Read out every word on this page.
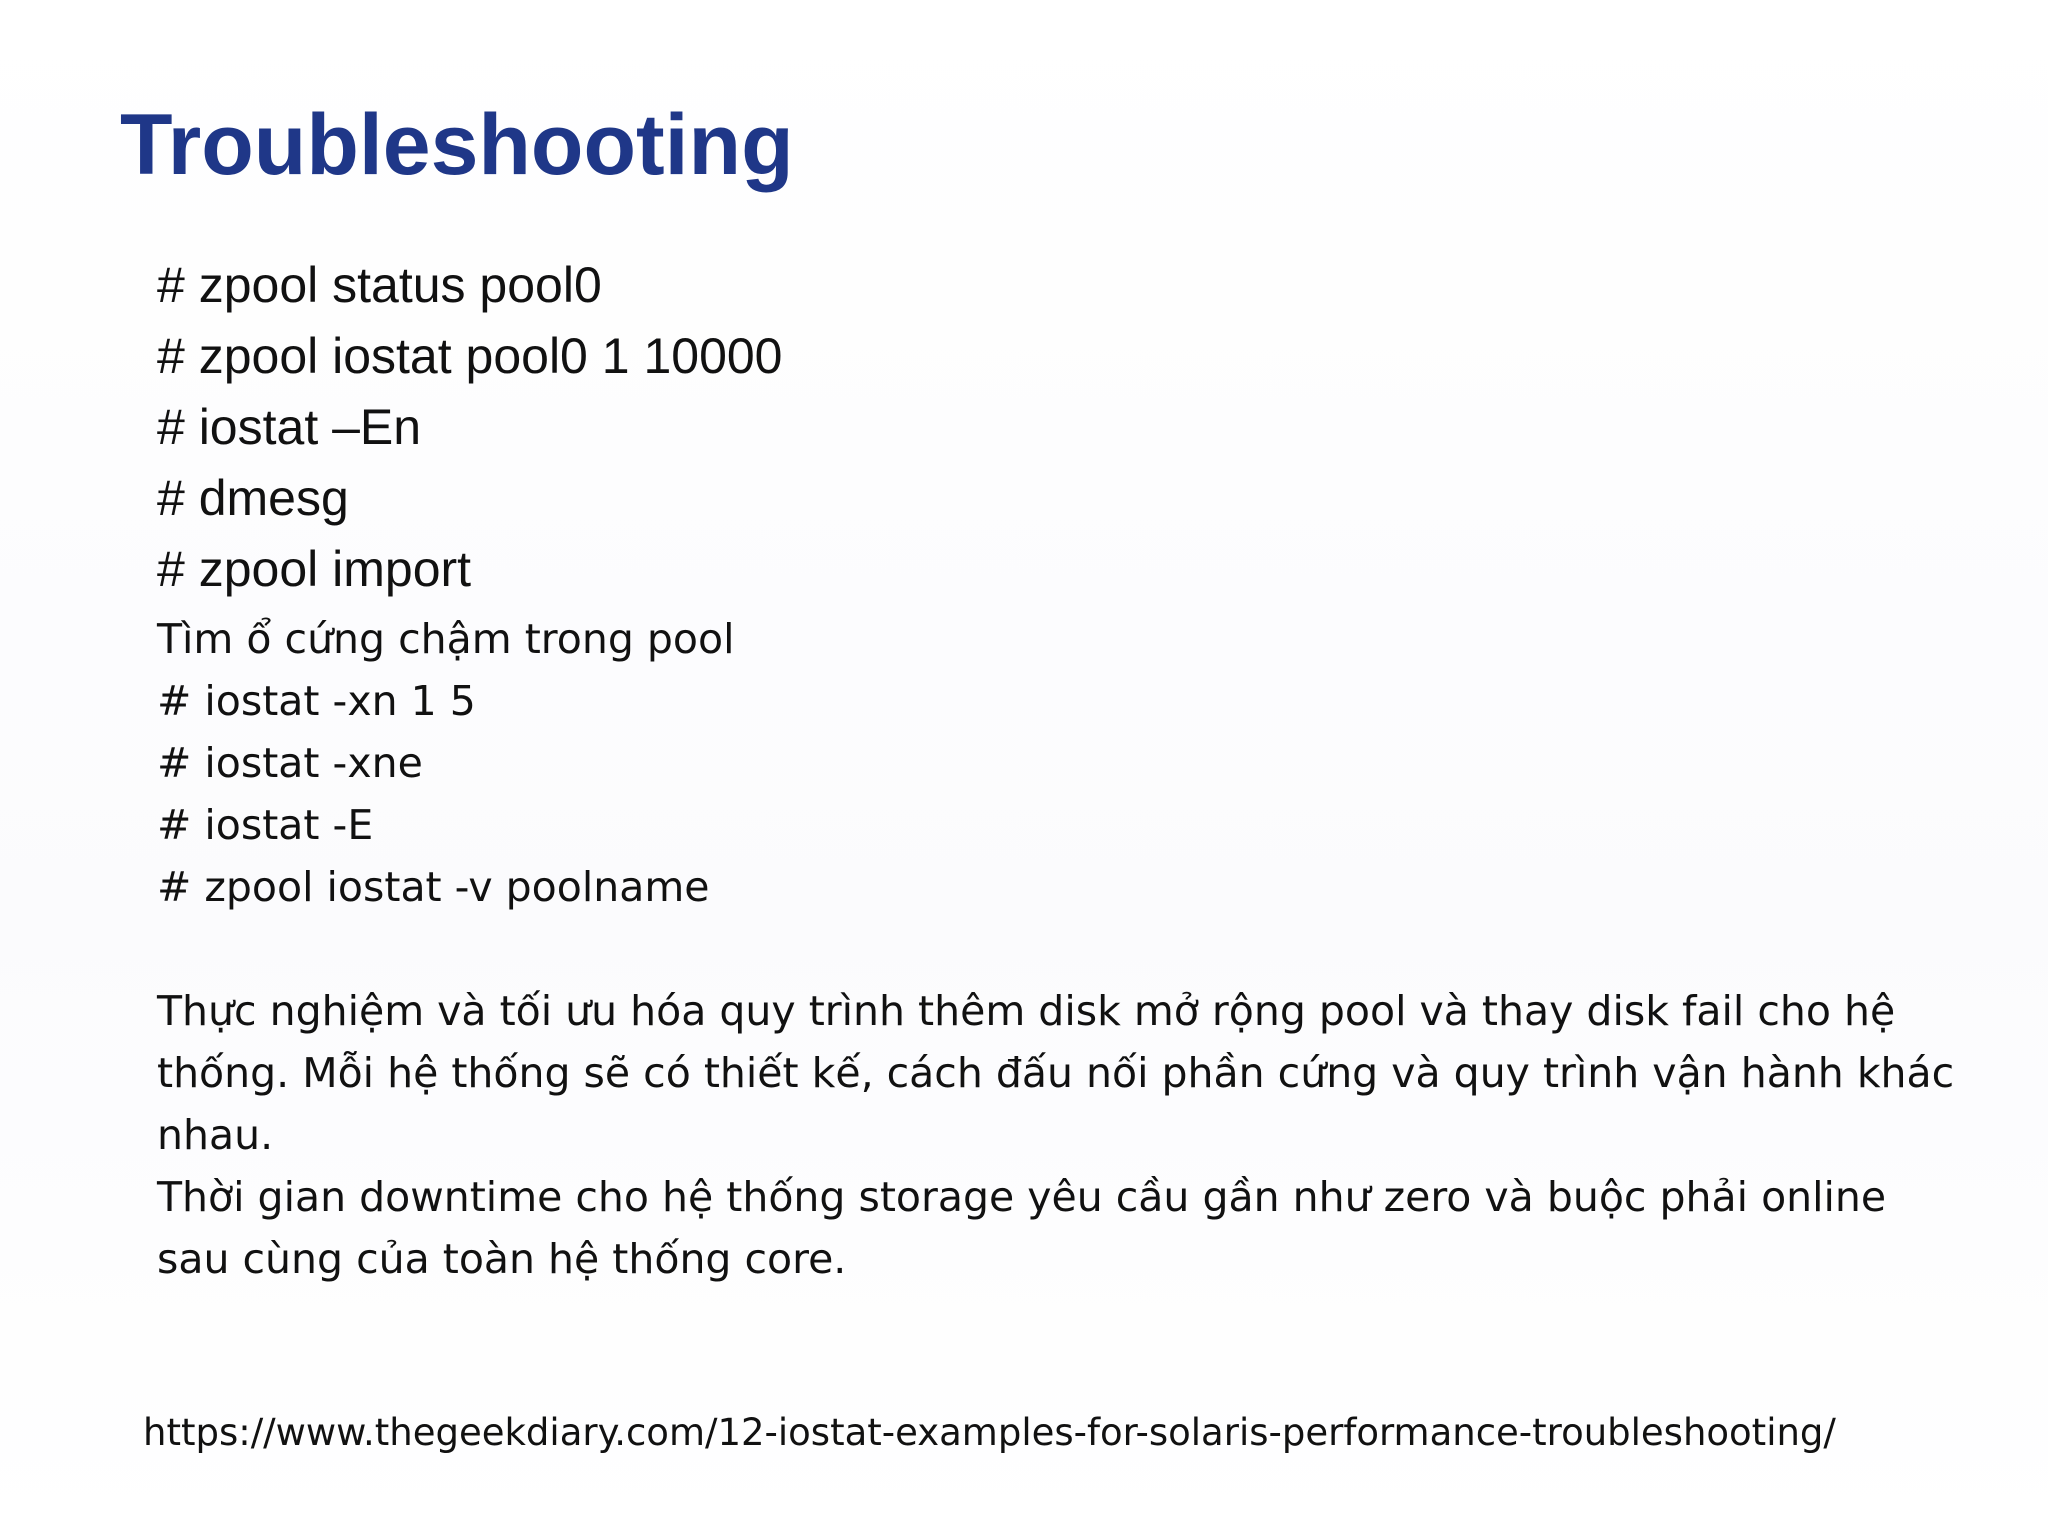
Troubleshooting
# zpool status pool0
# zpool iostat pool0 1 10000
# iostat –En
# dmesg
# zpool import
Tìm ổ cứng chậm trong pool
# iostat -xn 1 5
# iostat -xne
# iostat -E
# zpool iostat -v poolname

Thực nghiệm và tối ưu hóa quy trình thêm disk mở rộng pool và thay disk fail cho hệ thống. Mỗi hệ thống sẽ có thiết kế, cách đấu nối phần cứng và quy trình vận hành khác nhau.

Thời gian downtime cho hệ thống storage yêu cầu gần như zero và buộc phải online sau cùng của toàn hệ thống core.

https://www.thegeekdiary.com/12-iostat-examples-for-solaris-performance-troubleshooting/
